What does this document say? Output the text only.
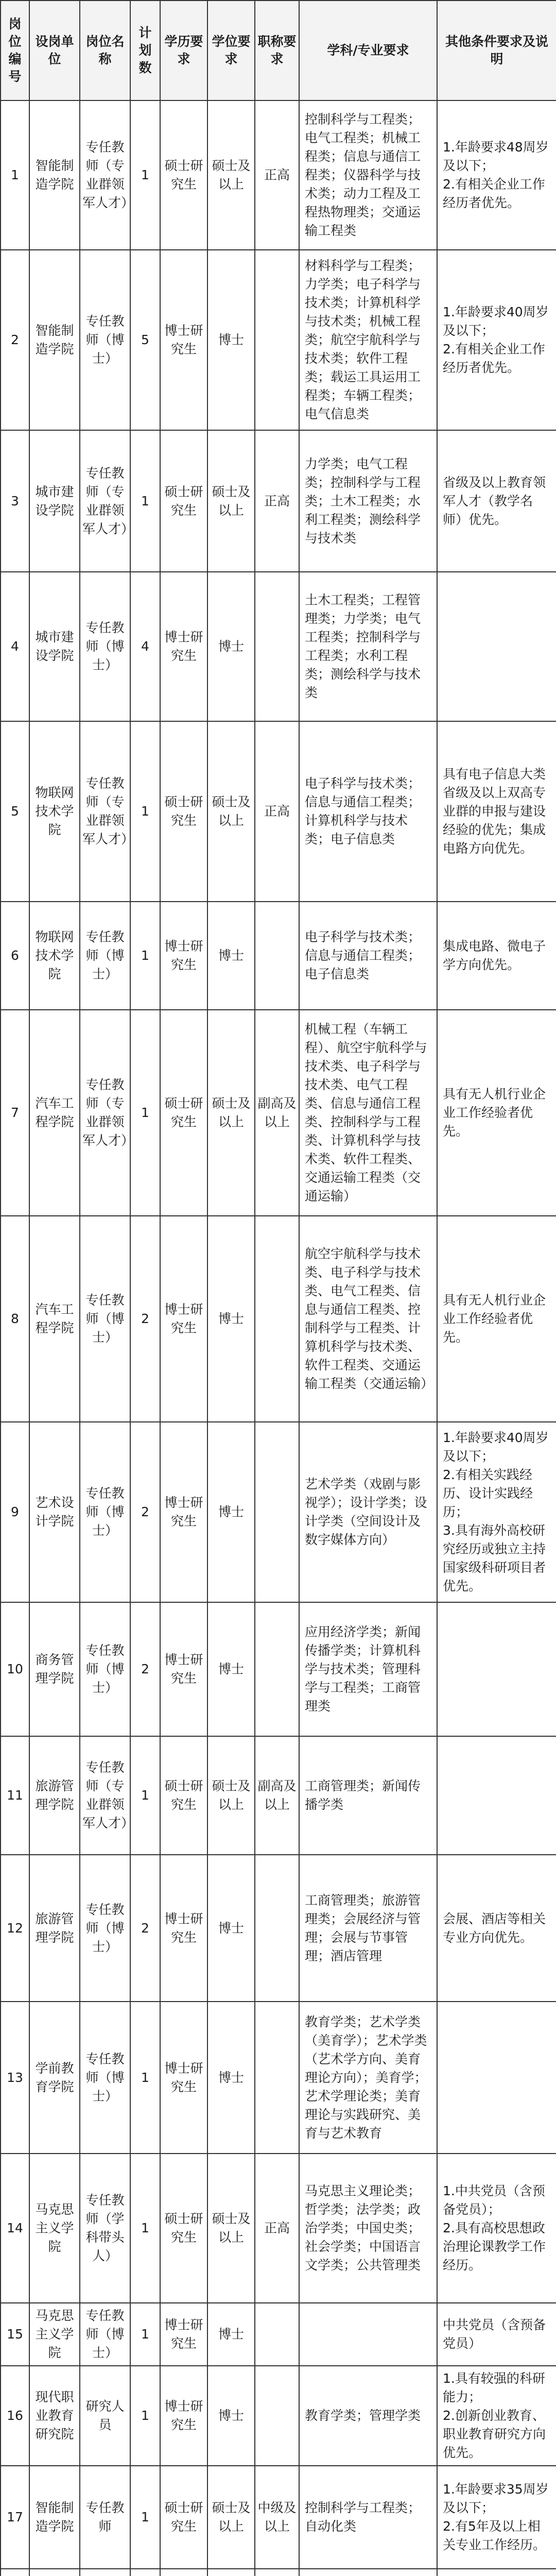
岗位编号	设岗单位	岗位名称	计划数	学历要求	学位要求	职称要求	学科/专业要求	其他条件要求及说明
1	智能制造学院	专任教师（专业群领军人才）	1	硕士研究生	硕士及以上	正高	控制科学与工程类；电气工程类；机械工程类；信息与通信工程类；仪器科学与技术类；动力工程及工程热物理类；交通运输工程类	1.年龄要求48周岁及以下；
2.有相关企业工作经历者优先。
2	智能制造学院	专任教师（博士）	5	博士研究生	博士		材料科学与工程类；力学类；电子科学与技术类；计算机科学与技术类；机械工程类；航空宇航科学与技术类；软件工程类；载运工具运用工程类；车辆工程类；电气信息类	1.年龄要求40周岁及以下；
2.有相关企业工作经历者优先。
3	城市建设学院	专任教师（专业群领军人才）	1	硕士研究生	硕士及以上	正高	力学类；电气工程类；控制科学与工程类；土木工程类；水利工程类；测绘科学与技术类	省级及以上教育领军人才（教学名师）优先。
4	城市建设学院	专任教师（博士）	4	博士研究生	博士		土木工程类；工程管理类；力学类；电气工程类；控制科学与工程类；水利工程类；测绘科学与技术类	
5	物联网技术学院	专任教师（专业群领军人才）	1	硕士研究生	硕士及以上	正高	电子科学与技术类；信息与通信工程类；计算机科学与技术类；电子信息类	具有电子信息大类省级及以上双高专业群的申报与建设经验的优先；集成电路方向优先。
6	物联网技术学院	专任教师（博士）	1	博士研究生	博士		电子科学与技术类；信息与通信工程类；电子信息类	集成电路、微电子学方向优先。
7	汽车工程学院	专任教师（专业群领军人才）	1	硕士研究生	硕士及以上	副高及以上	机械工程（车辆工程）、航空宇航科学与技术类、电子科学与技术类、电气工程类、信息与通信工程类、控制科学与工程类、计算机科学与技术类、软件工程类、交通运输工程类（交通运输）	具有无人机行业企业工作经验者优先。
8	汽车工程学院	专任教师（博士）	2	博士研究生	博士		航空宇航科学与技术类、电子科学与技术类、电气工程类、信息与通信工程类、控制科学与工程类、计算机科学与技术类、软件工程类、交通运输工程类（交通运输）	具有无人机行业企业工作经验者优先。
9	艺术设计学院	专任教师（博士）	2	博士研究生	博士		艺术学类（戏剧与影视学）；设计学类；设计学类（空间设计及数字媒体方向）	1.年龄要求40周岁及以下；
2.有相关实践经历、设计实践经历；
3.具有海外高校研究经历或独立主持国家级科研项目者优先。
10	商务管理学院	专任教师（博士）	2	博士研究生	博士		应用经济学类；新闻传播学类；计算机科学与技术类；管理科学与工程类；工商管理类	
11	旅游管理学院	专任教师（专业群领军人才）	1	硕士研究生	硕士及以上	副高及以上	工商管理类；新闻传播学类	
12	旅游管理学院	专任教师（博士）	2	博士研究生	博士		工商管理类；旅游管理类；会展经济与管理；会展与节事管理；酒店管理	会展、酒店等相关专业方向优先。
13	学前教育学院	专任教师（博士）	1	博士研究生	博士		教育学类；艺术学类（美育学）；艺术学类（艺术学方向、美育理论方向）；美育学；艺术学理论类；美育理论与实践研究、美育与艺术教育	
14	马克思主义学院	专任教师（学科带头人）	1	硕士研究生	硕士及以上	正高	马克思主义理论类；哲学类；法学类；政治学类；中国史类；社会学类；中国语言文学类；公共管理类	1.中共党员（含预备党员）；
2.具有高校思想政治理论课教学工作经历。
15	马克思主义学院	专任教师（博士）	1	博士研究生	博士			中共党员（含预备党员）
16	现代职业教育研究院	研究人员	1	博士研究生	博士		教育学类；管理学类	1.具有较强的科研能力；
2.创新创业教育、职业教育研究方向优先。
17	智能制造学院	专任教师	1	硕士研究生	硕士及以上	中级及以上	控制科学与工程类；自动化类	1.年龄要求35周岁及以下；
2.有5年及以上相关专业工作经历。
